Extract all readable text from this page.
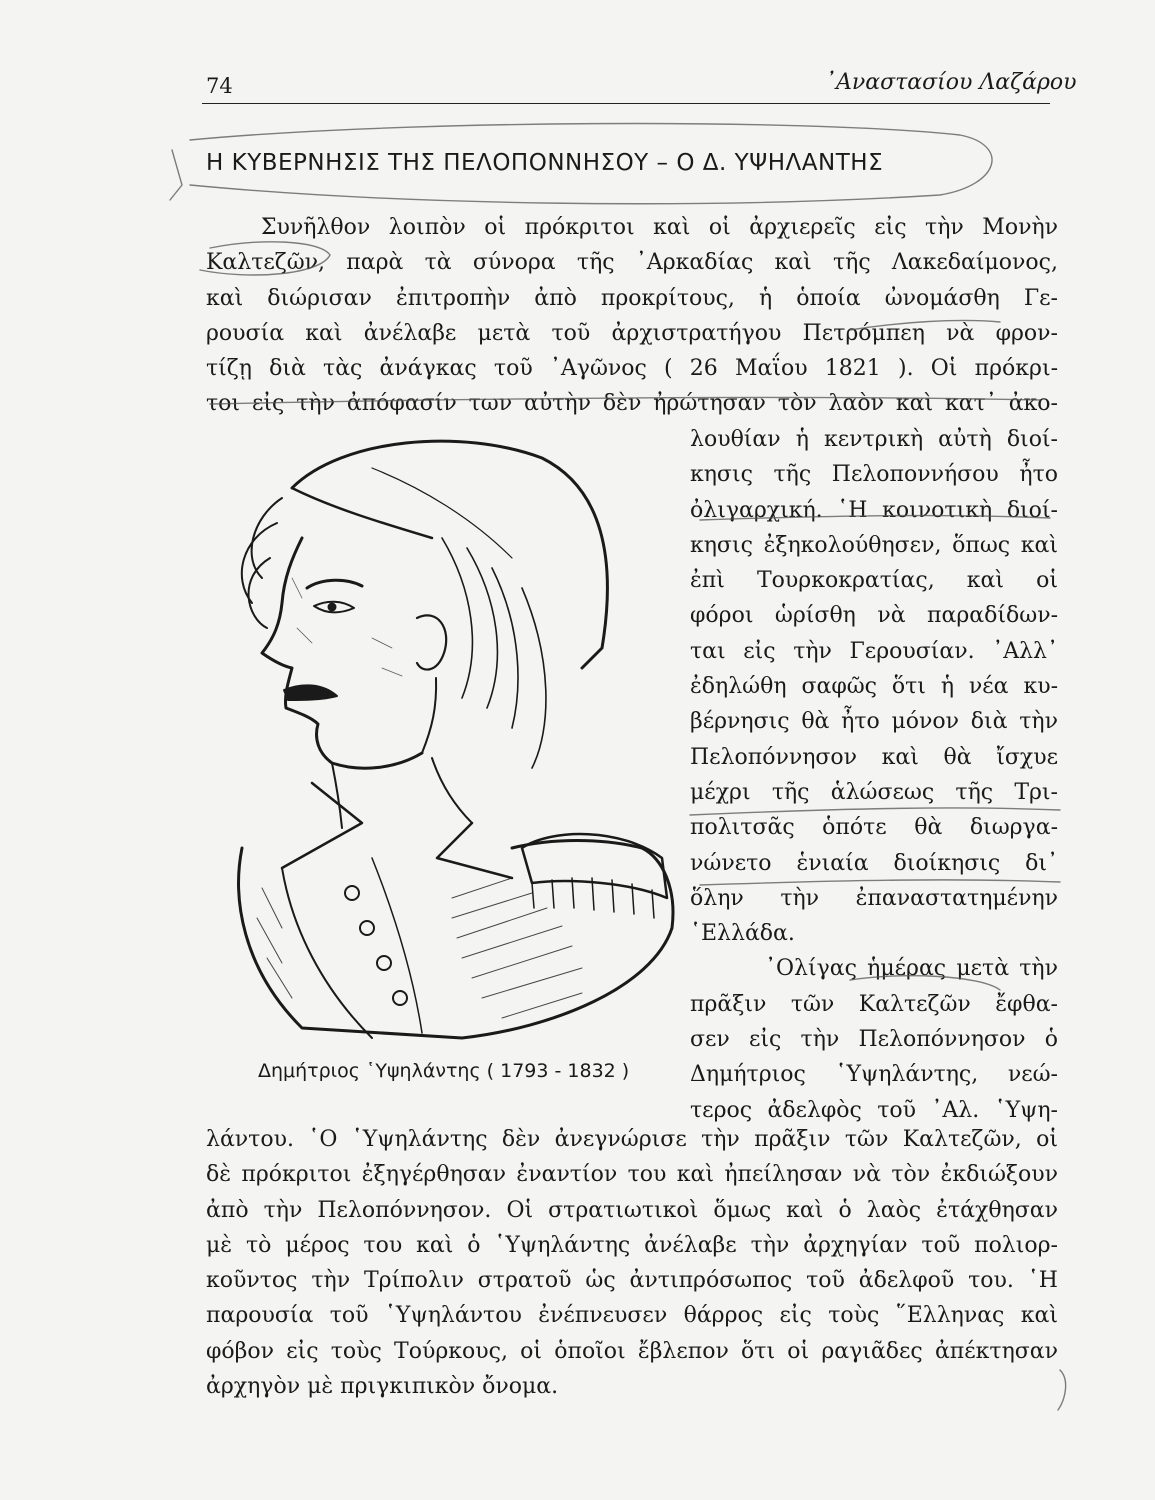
74	᾿Αναστασίου Λαζάρου
Η ΚΥΒΕΡΝΗΣΙΣ ΤΗΣ ΠΕΛΟΠΟΝΝΗΣΟΥ – Ο Δ. ΥΨΗΛΑΝΤΗΣ
Συνῆλθον λοιπὸν οἱ πρόκριτοι καὶ οἱ ἀρχιερεῖς εἰς τὴν Μονὴν
Καλτεζῶν, παρὰ τὰ σύνορα τῆς ᾿Αρκαδίας καὶ τῆς Λακεδαίμονος,
καὶ διώρισαν ἐπιτροπὴν ἀπὸ προκρίτους, ἡ ὁποία ὠνομάσθη Γε-
ρουσία καὶ ἀνέλαβε μετὰ τοῦ ἀρχιστρατήγου Πετρόμπεη νὰ φρον-
τίζῃ διὰ τὰς ἀνάγκας τοῦ ᾿Αγῶνος ( 26 Μαΐου 1821 ). Οἱ πρόκρι-
τοι εἰς τὴν ἀπόφασίν των αὐτὴν δὲν ἠρώτησαν τὸν λαὸν καὶ κατ᾿ ἀκο-
λουθίαν ἡ κεντρικὴ αὐτὴ διοί-
κησις τῆς Πελοποννήσου ἦτο
ὀλιγαρχική. ῾Η κοινοτικὴ διοί-
κησις ἐξηκολούθησεν, ὅπως καὶ
ἐπὶ Τουρκοκρατίας, καὶ οἱ
φόροι ὡρίσθη νὰ παραδίδων-
ται εἰς τὴν Γερουσίαν. ᾿Αλλ᾿
ἐδηλώθη σαφῶς ὅτι ἡ νέα κυ-
βέρνησις θὰ ἦτο μόνον διὰ τὴν
Πελοπόννησον καὶ θὰ ἴσχυε
μέχρι τῆς ἁλώσεως τῆς Τρι-
πολιτσᾶς ὁπότε θὰ διωργα-
νώνετο ἑνιαία διοίκησις δι᾿
ὅλην τὴν ἐπαναστατημένην
῾Ελλάδα.
᾿Ολίγας ἡμέρας μετὰ τὴν
πρᾶξιν τῶν Καλτεζῶν ἔφθα-
σεν εἰς τὴν Πελοπόννησον ὁ
Δημήτριος ῾Υψηλάντης, νεώ-
τερος ἀδελφὸς τοῦ ᾿Αλ. ῾Υψη-
Δημήτριος ῾Υψηλάντης ( 1793 - 1832 )
λάντου. ῾Ο ῾Υψηλάντης δὲν ἀνεγνώρισε τὴν πρᾶξιν τῶν Καλτεζῶν, οἱ
δὲ πρόκριτοι ἐξηγέρθησαν ἐναντίον του καὶ ἠπείλησαν νὰ τὸν ἐκδιώξουν
ἀπὸ τὴν Πελοπόννησον. Οἱ στρατιωτικοὶ ὅμως καὶ ὁ λαὸς ἐτάχθησαν
μὲ τὸ μέρος του καὶ ὁ ῾Υψηλάντης ἀνέλαβε τὴν ἀρχηγίαν τοῦ πολιορ-
κοῦντος τὴν Τρίπολιν στρατοῦ ὡς ἀντιπρόσωπος τοῦ ἀδελφοῦ του. ῾Η
παρουσία τοῦ ῾Υψηλάντου ἐνέπνευσεν θάρρος εἰς τοὺς ῞Ελληνας καὶ
φόβον εἰς τοὺς Τούρκους, οἱ ὁποῖοι ἔβλεπον ὅτι οἱ ραγιᾶδες ἀπέκτησαν
ἀρχηγὸν μὲ πριγκιπικὸν ὄνομα.
